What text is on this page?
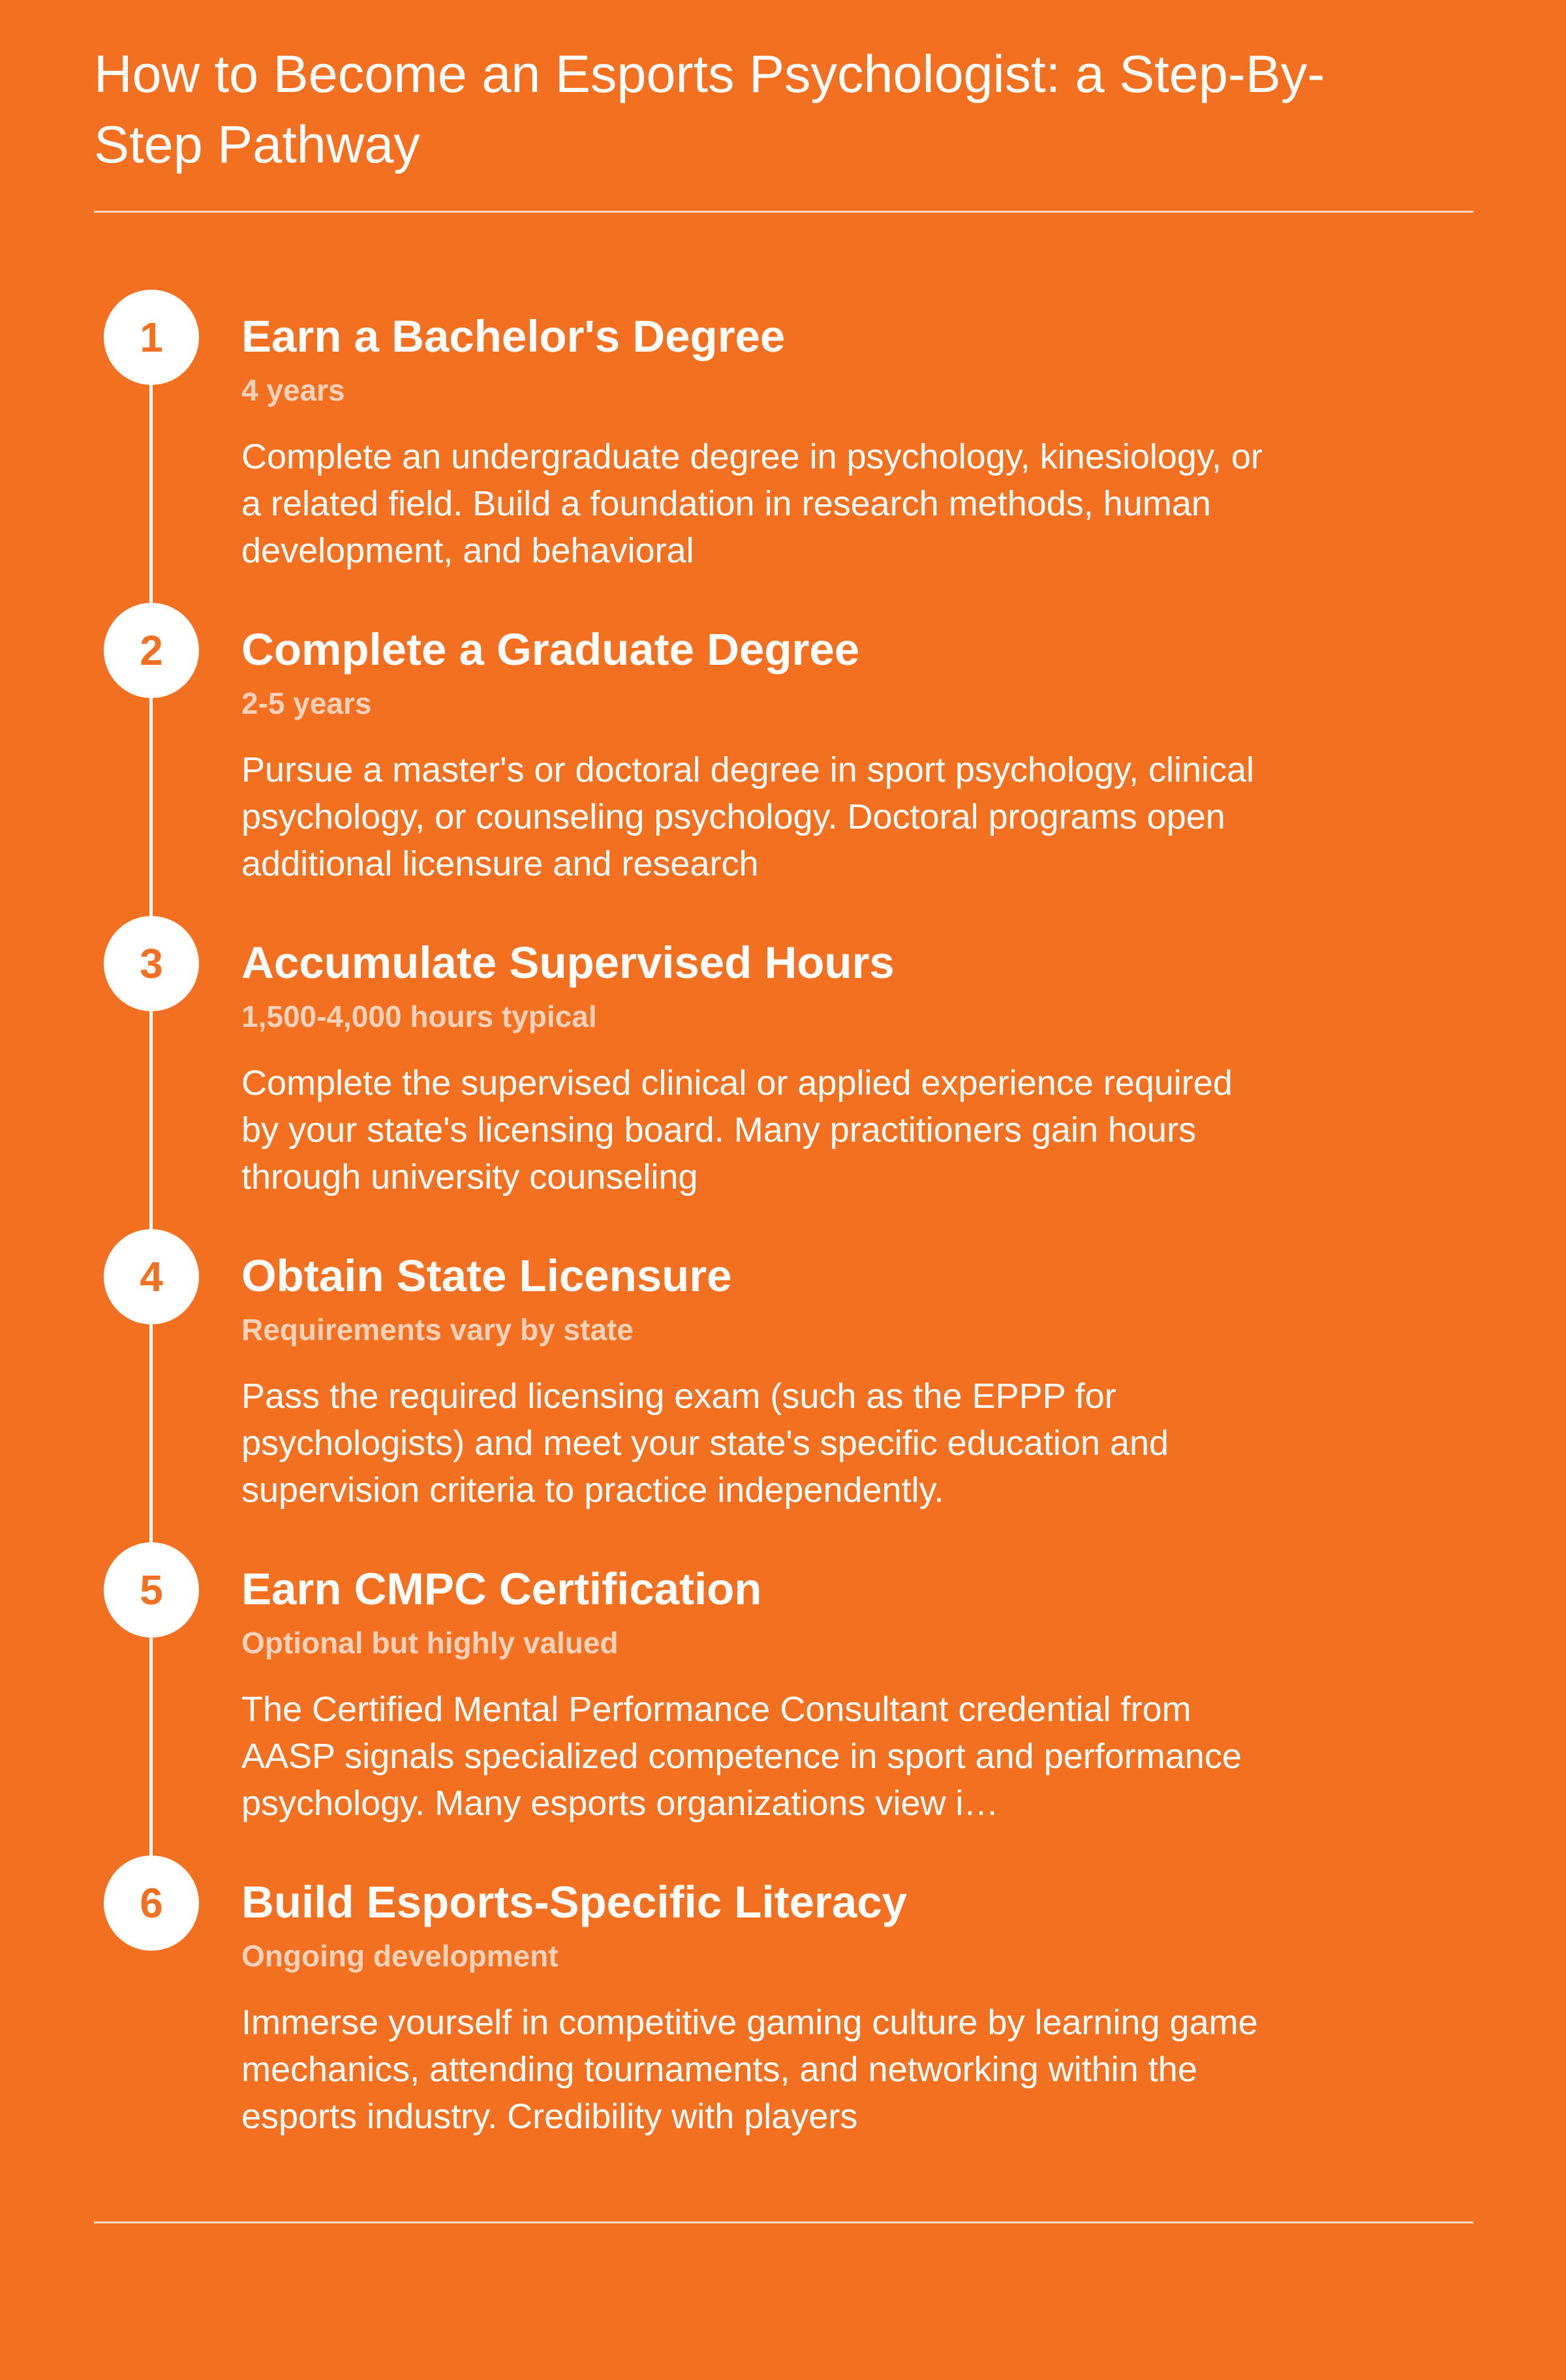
How to Become an Esports Psychologist: a Step-By-Step Pathway
1	Earn a Bachelor's Degree
4 years
Complete an undergraduate degree in psychology, kinesiology, or a related field. Build a foundation in research methods, human development, and behavioral
2	Complete a Graduate Degree
2-5 years
Pursue a master's or doctoral degree in sport psychology, clinical psychology, or counseling psychology. Doctoral programs open additional licensure and research
3	Accumulate Supervised Hours
1,500-4,000 hours typical
Complete the supervised clinical or applied experience required by your state's licensing board. Many practitioners gain hours through university counseling
4	Obtain State Licensure
Requirements vary by state
Pass the required licensing exam (such as the EPPP for psychologists) and meet your state's specific education and supervision criteria to practice independently.
5	Earn CMPC Certification
Optional but highly valued
The Certified Mental Performance Consultant credential from AASP signals specialized competence in sport and performance psychology. Many esports organizations view i…
6	Build Esports-Specific Literacy
Ongoing development
Immerse yourself in competitive gaming culture by learning game mechanics, attending tournaments, and networking within the esports industry. Credibility with players
